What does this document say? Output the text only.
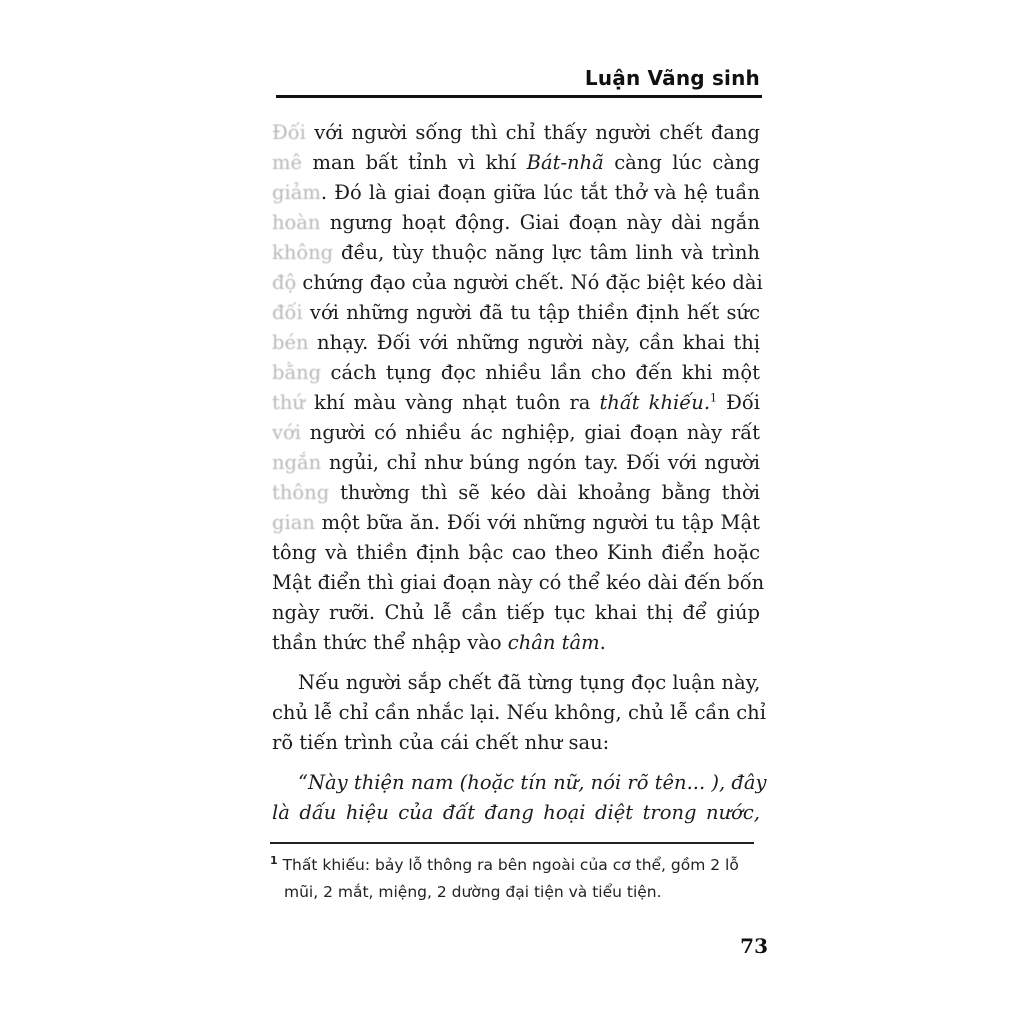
Luận Vãng sinh
Đối với người sống thì chỉ thấy người chết đang
mê man bất tỉnh vì khí Bát-nhã càng lúc càng
giảm. Đó là giai đoạn giữa lúc tắt thở và hệ tuần
hoàn ngưng hoạt động. Giai đoạn này dài ngắn
không đều, tùy thuộc năng lực tâm linh và trình
độ chứng đạo của người chết. Nó đặc biệt kéo dài
đối với những người đã tu tập thiền định hết sức
bén nhạy. Đối với những người này, cần khai thị
bằng cách tụng đọc nhiều lần cho đến khi một
thứ khí màu vàng nhạt tuôn ra thất khiếu.$^1$ Đối
với người có nhiều ác nghiệp, giai đoạn này rất
ngắn ngủi, chỉ như búng ngón tay. Đối với người
thông thường thì sẽ kéo dài khoảng bằng thời
gian một bữa ăn. Đối với những người tu tập Mật
tông và thiền định bậc cao theo Kinh điển hoặc
Mật điển thì giai đoạn này có thể kéo dài đến bốn
ngày rưỡi. Chủ lễ cần tiếp tục khai thị để giúp
thần thức thể nhập vào chân tâm.
Nếu người sắp chết đã từng tụng đọc luận này,
chủ lễ chỉ cần nhắc lại. Nếu không, chủ lễ cần chỉ
rõ tiến trình của cái chết như sau:
“Này thiện nam (hoặc tín nữ, nói rõ tên... ), đây
là dấu hiệu của đất đang hoại diệt trong nước,
$^1$ Thất khiếu: bảy lỗ thông ra bên ngoài của cơ thể, gồm 2 lỗ
mũi, 2 mắt, miệng, 2 dường đại tiện và tiểu tiện.
73
